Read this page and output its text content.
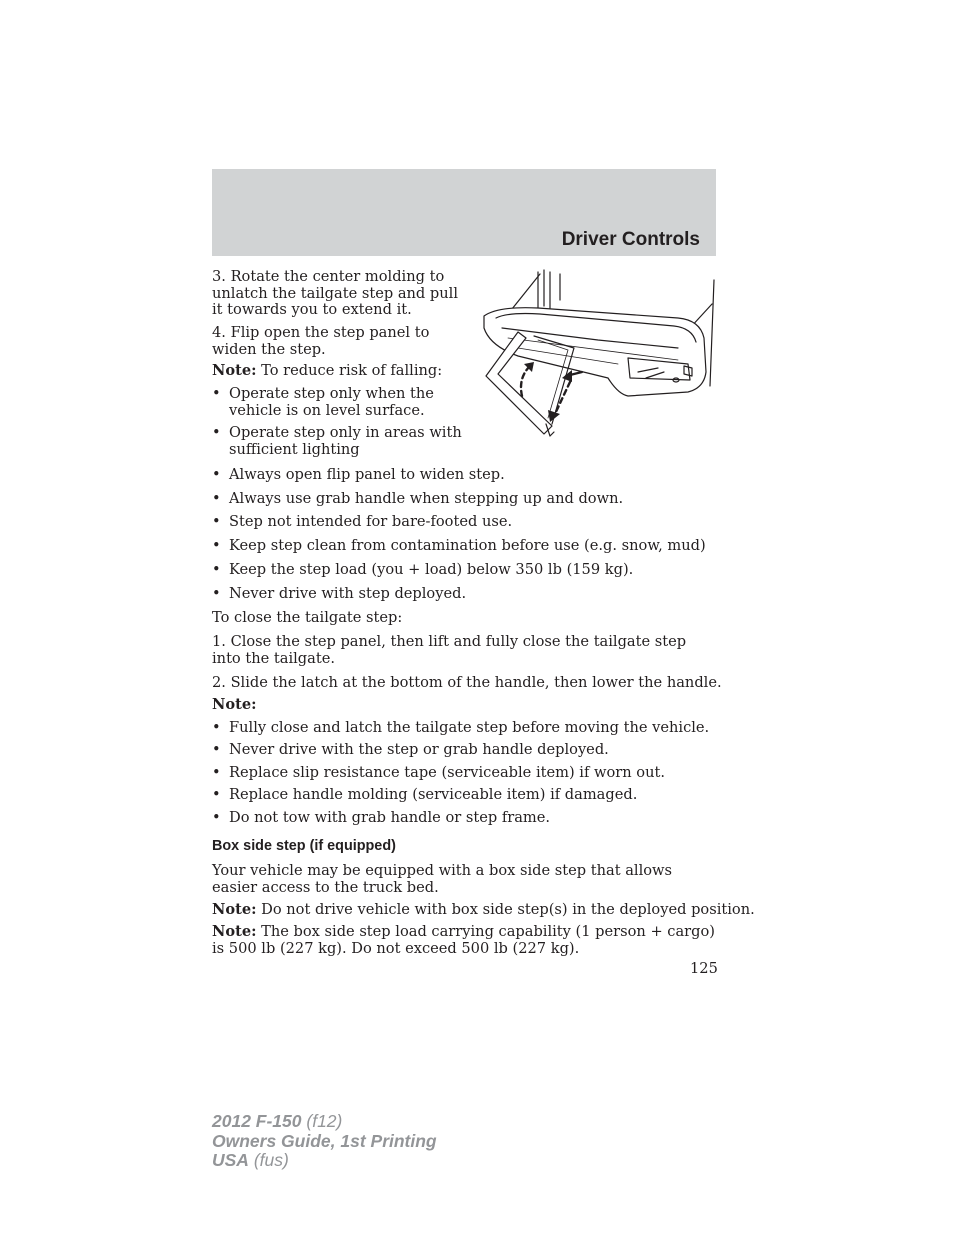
Driver Controls
3. Rotate the center molding to unlatch the tailgate step and pull it towards you to extend it.
4. Flip open the step panel to widen the step.
Note: To reduce risk of falling:
• Operate step only when the vehicle is on level surface.
• Operate step only in areas with sufficient lighting
• Always open flip panel to widen step.
• Always use grab handle when stepping up and down.
• Step not intended for bare-footed use.
• Keep step clean from contamination before use (e.g. snow, mud)
• Keep the step load (you + load) below 350 lb (159 kg).
• Never drive with step deployed.
To close the tailgate step:
1. Close the step panel, then lift and fully close the tailgate step into the tailgate.
2. Slide the latch at the bottom of the handle, then lower the handle.
Note:
• Fully close and latch the tailgate step before moving the vehicle.
• Never drive with the step or grab handle deployed.
• Replace slip resistance tape (serviceable item) if worn out.
• Replace handle molding (serviceable item) if damaged.
• Do not tow with grab handle or step frame.
Box side step (if equipped)
Your vehicle may be equipped with a box side step that allows easier access to the truck bed.
Note: Do not drive vehicle with box side step(s) in the deployed position.
Note: The box side step load carrying capability (1 person + cargo) is 500 lb (227 kg). Do not exceed 500 lb (227 kg).
125
2012 F-150 (f12)
Owners Guide, 1st Printing
USA (fus)
